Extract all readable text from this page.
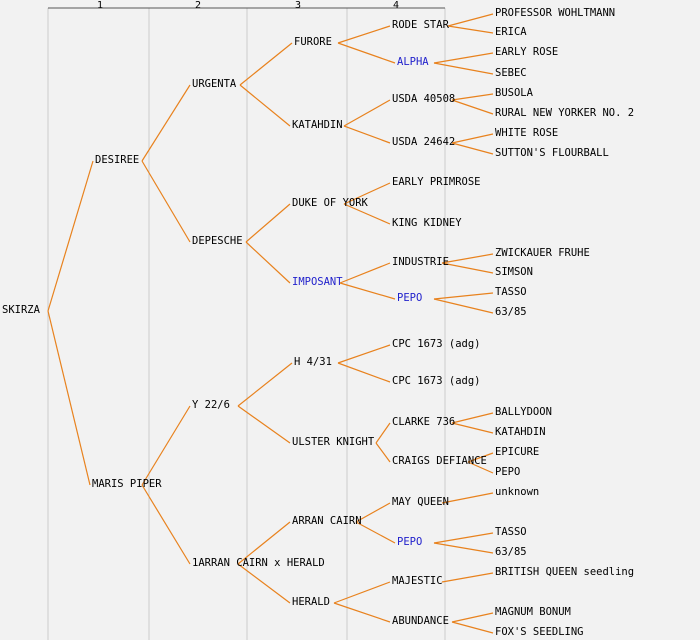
1	2	3	4
SKIRZA
DESIREE
MARIS PIPER
URGENTA
DEPESCHE
Y 22/6
1ARRAN CAIRN x HERALD
FURORE
KATAHDIN
DUKE OF YORK
IMPOSANT
H 4/31
ULSTER KNIGHT
ARRAN CAIRN
HERALD
RODE STAR
ALPHA
USDA 40508
USDA 24642
EARLY PRIMROSE
KING KIDNEY
INDUSTRIE
PEPO
CPC 1673 (adg)
CPC 1673 (adg)
CLARKE 736
CRAIGS DEFIANCE
MAY QUEEN
PEPO
MAJESTIC
ABUNDANCE
PROFESSOR WOHLTMANN
ERICA
EARLY ROSE
SEBEC
BUSOLA
RURAL NEW YORKER NO. 2
WHITE ROSE
SUTTON'S FLOURBALL
ZWICKAUER FRUHE
SIMSON
TASSO
63/85
BALLYDOON
KATAHDIN
EPICURE
PEPO
unknown
TASSO
63/85
BRITISH QUEEN seedling
MAGNUM BONUM
FOX'S SEEDLING
